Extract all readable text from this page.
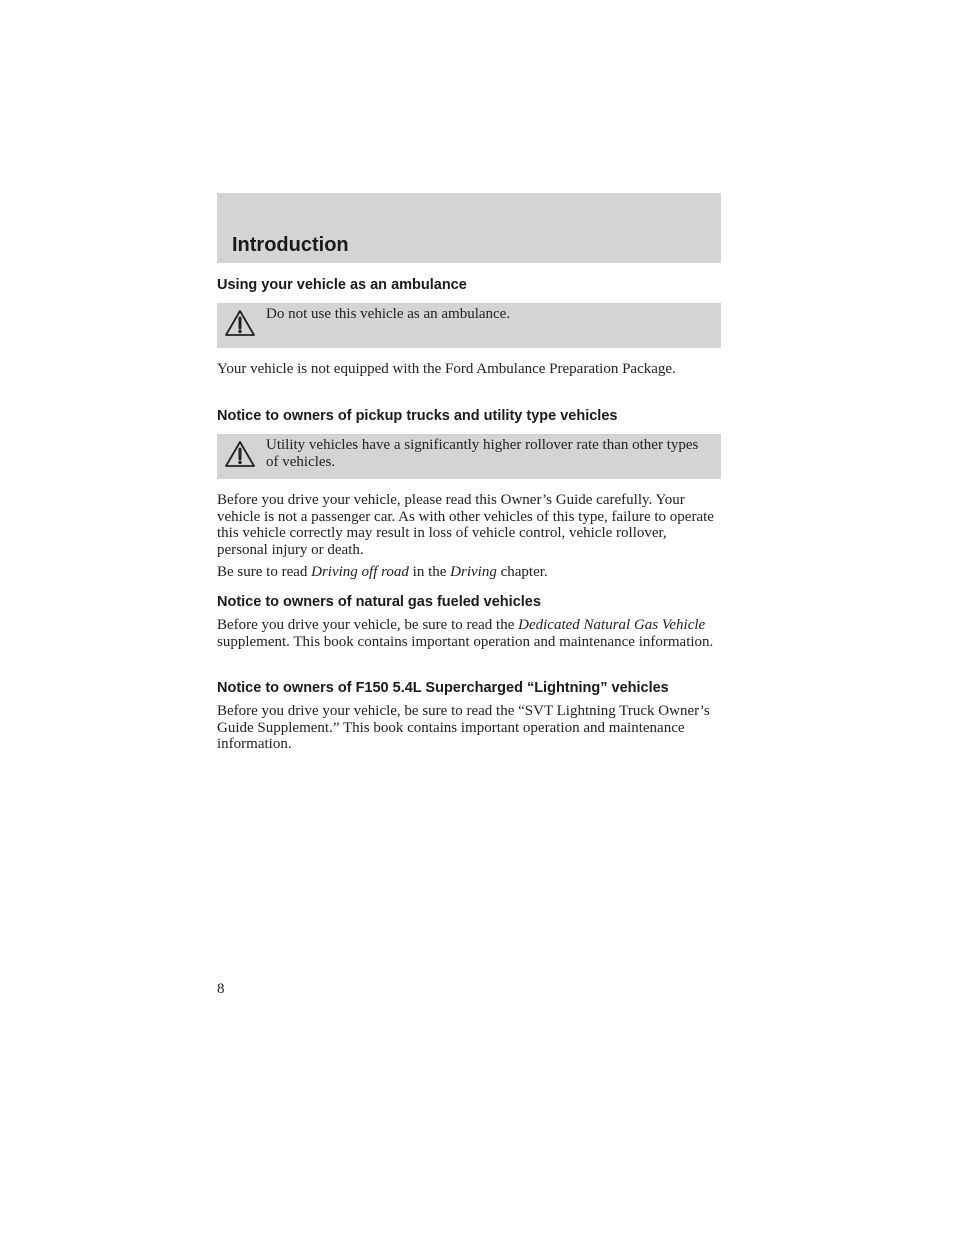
Introduction
Using your vehicle as an ambulance
Do not use this vehicle as an ambulance.

Your vehicle is not equipped with the Ford Ambulance Preparation Package.

Notice to owners of pickup trucks and utility type vehicles
Utility vehicles have a significantly higher rollover rate than other types of vehicles.

Before you drive your vehicle, please read this Owner’s Guide carefully. Your vehicle is not a passenger car. As with other vehicles of this type, failure to operate this vehicle correctly may result in loss of vehicle control, vehicle rollover, personal injury or death.

Be sure to read Driving off road in the Driving chapter.

Notice to owners of natural gas fueled vehicles

Before you drive your vehicle, be sure to read the Dedicated Natural Gas Vehicle supplement. This book contains important operation and maintenance information.

Notice to owners of F150 5.4L Supercharged “Lightning” vehicles

Before you drive your vehicle, be sure to read the “SVT Lightning Truck Owner’s Guide Supplement.” This book contains important operation and maintenance information.

8
